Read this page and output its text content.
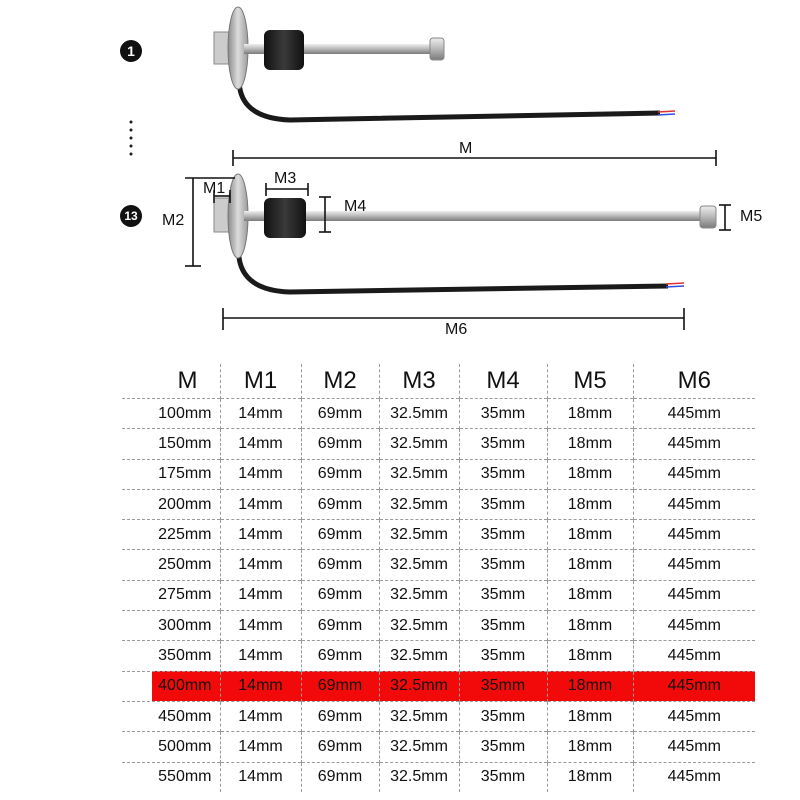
1
13
M
M1
M2
M3
M4
M5
M6
M	M1	M2	M3	M4	M5	M6
100mm	14mm	69mm	32.5mm	35mm	18mm	445mm
150mm	14mm	69mm	32.5mm	35mm	18mm	445mm
175mm	14mm	69mm	32.5mm	35mm	18mm	445mm
200mm	14mm	69mm	32.5mm	35mm	18mm	445mm
225mm	14mm	69mm	32.5mm	35mm	18mm	445mm
250mm	14mm	69mm	32.5mm	35mm	18mm	445mm
275mm	14mm	69mm	32.5mm	35mm	18mm	445mm
300mm	14mm	69mm	32.5mm	35mm	18mm	445mm
350mm	14mm	69mm	32.5mm	35mm	18mm	445mm
400mm	14mm	69mm	32.5mm	35mm	18mm	445mm
450mm	14mm	69mm	32.5mm	35mm	18mm	445mm
500mm	14mm	69mm	32.5mm	35mm	18mm	445mm
550mm	14mm	69mm	32.5mm	35mm	18mm	445mm
